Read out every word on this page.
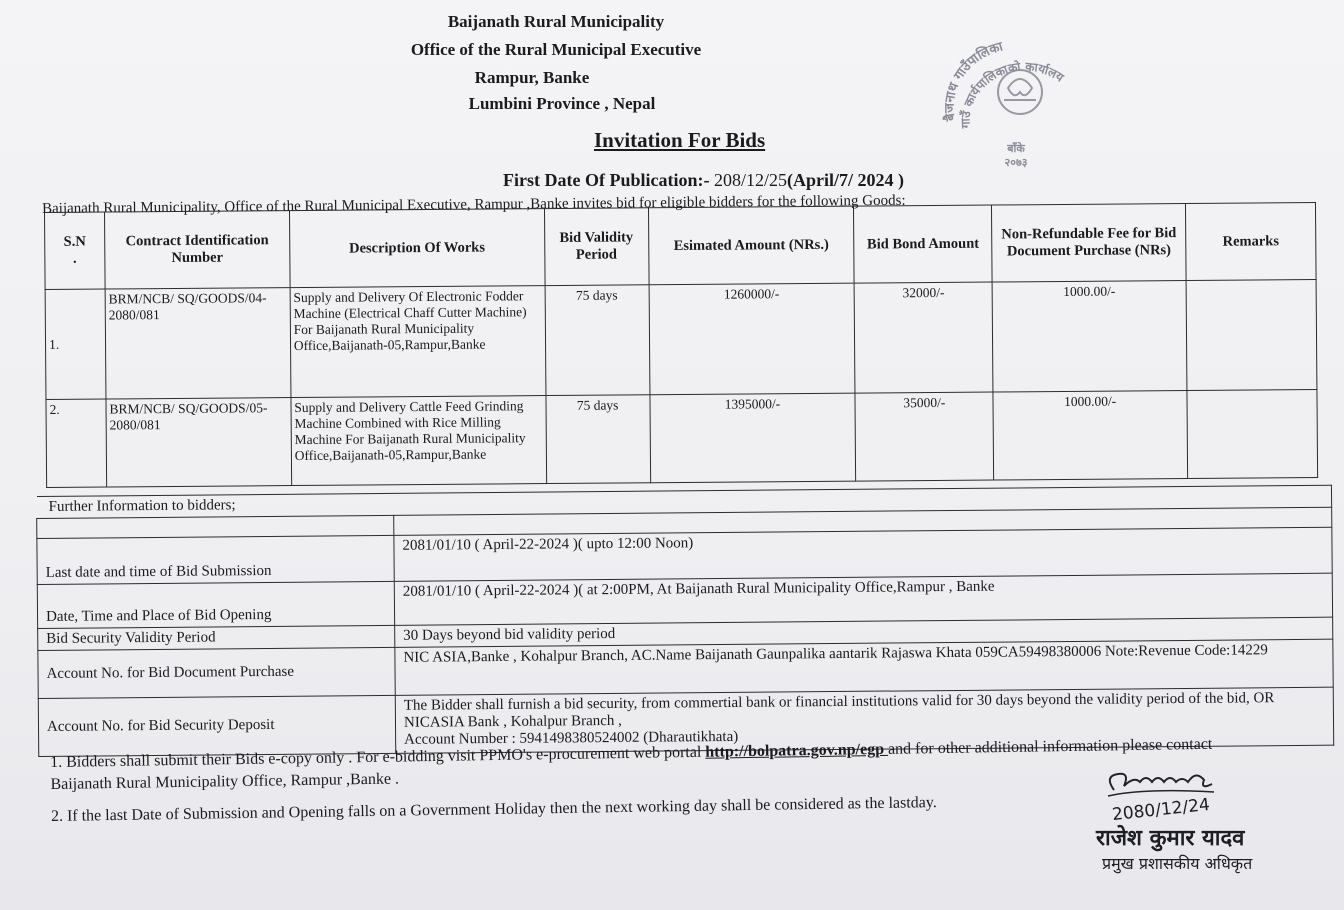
Baijanath Rural Municipality
Office of the Rural Municipal Executive
Rampur, Banke
Lumbini Province , Nepal
Invitation For Bids
First Date Of Publication:- 208/12/25(April/7/ 2024 )
बैजनाथ गाउँपालिका
गाउँ कार्यपालिकाको कार्यालय
बाँके
२०७३
Baijanath Rural Municipality, Office of the Rural Municipal Executive, Rampur ,Banke invites bid for eligible bidders for the following Goods:
S.N
.	Contract Identification Number	Description Of Works	Bid Validity Period	Esimated Amount (NRs.)	Bid Bond Amount	Non-Refundable Fee for Bid Document Purchase (NRs)	Remarks
1.	BRM/NCB/ SQ/GOODS/04-2080/081	Supply and Delivery Of Electronic Fodder Machine (Electrical Chaff Cutter Machine) For Baijanath Rural Municipality Office,Baijanath-05,Rampur,Banke	75 days	1260000/-	32000/-	1000.00/-	
2.	BRM/NCB/ SQ/GOODS/05-2080/081	Supply and Delivery Cattle Feed Grinding Machine Combined with Rice Milling Machine For Baijanath Rural Municipality Office,Baijanath-05,Rampur,Banke	75 days	1395000/-	35000/-	1000.00/-	
Further Information to bidders;	

Last date and time of Bid Submission	2081/01/10 ( April-22-2024 )( upto 12:00 Noon)
Date, Time and Place of Bid Opening	2081/01/10 ( April-22-2024 )( at 2:00PM, At Baijanath Rural Municipality Office,Rampur , Banke
Bid Security Validity Period	30 Days beyond bid validity period
Account No. for Bid Document Purchase	NIC ASIA,Banke , Kohalpur Branch, AC.Name Baijanath Gaunpalika aantarik Rajaswa Khata 059CA59498380006 Note:Revenue Code:14229
Account No. for Bid Security Deposit	The Bidder shall furnish a bid security, from commertial bank or financial institutions valid for 30 days beyond the validity period of the bid, OR NICASIA Bank , Kohalpur Branch ,
Account Number : 5941498380524002 (Dharautikhata)

1. Bidders shall submit their Bids e-copy only . For e-bidding visit PPMO's e-procurement web portal http://bolpatra.gov.np/egp and for other additional information please contact Baijanath Rural Municipality Office, Rampur ,Banke .

2. If the last Date of Submission and Opening falls on a Government Holiday then the next working day shall be considered as the lastday.	2080/12/24
राजेश कुमार यादव
प्रमुख प्रशासकीय अधिकृत
